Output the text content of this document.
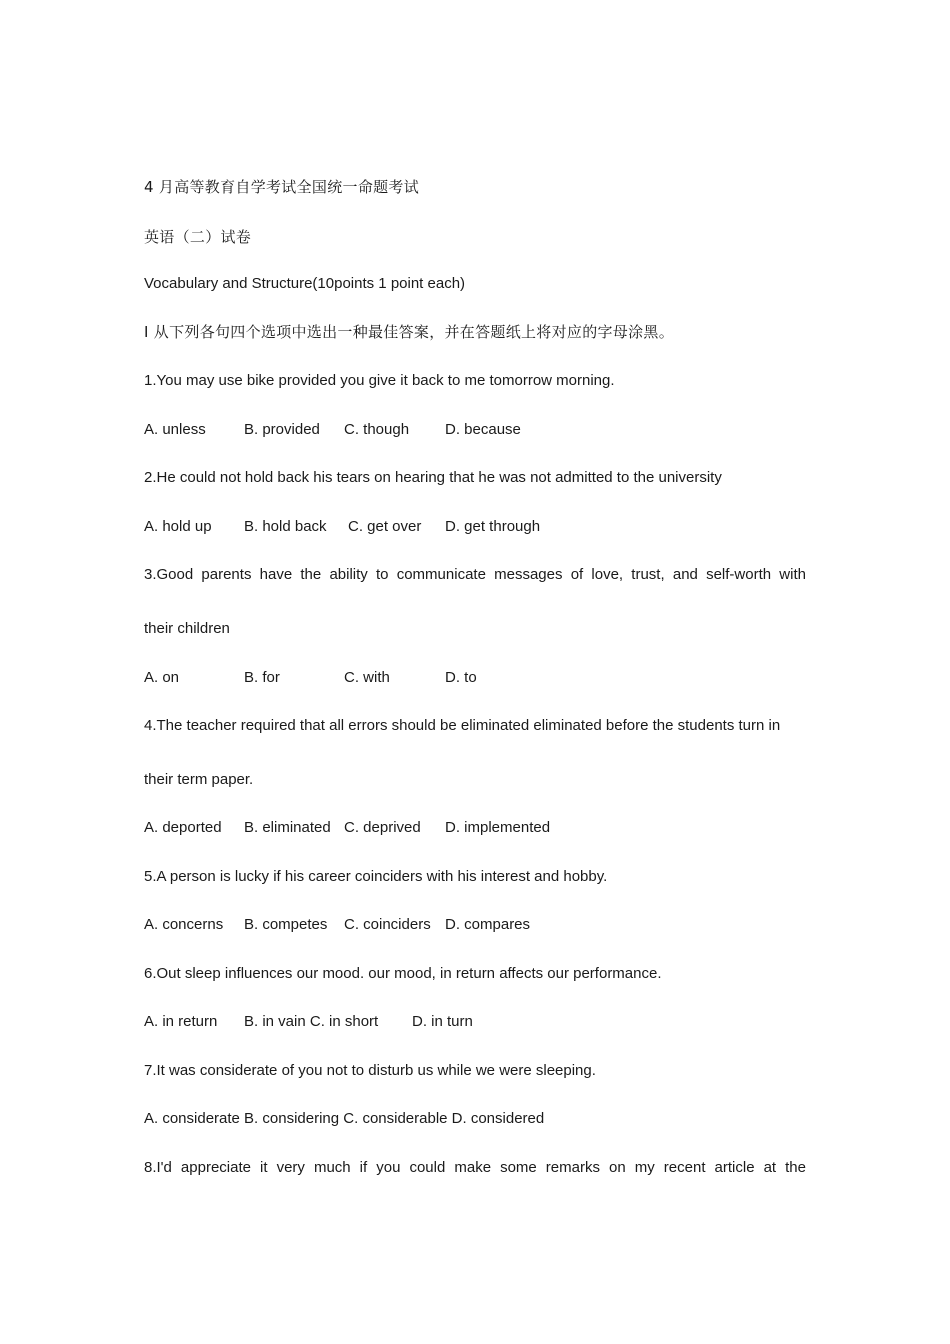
4 月高等教育自学考试全国统一命题考试

英语（二）试卷

Vocabulary and Structure(10points 1 point each)

I 从下列各句四个选项中选出一种最佳答案，并在答题纸上将对应的字母涂黑。

1.You may use bike provided you give it back to me tomorrow morning.

A. unless	B. provided C. though D. because

2.He could not hold back his tears on hearing that he was not admitted to the university

A. hold up B. hold back C. get over D. get through

3.Good parents have the ability to communicate messages of love, trust, and self-worth with

their children

A. on	B. for	C. with	D. to

4.The teacher required that all errors should be eliminated eliminated before the students turn in

their term paper.

A. deported B. eliminated C. deprived D. implemented

5.A person is lucky if his career coinciders with his interest and hobby.

A. concerns B. competes C. coinciders D. compares

6.Out sleep influences our mood. our mood, in return affects our performance.

A. in return B. in vain C. in short D. in turn

7.It was considerate of you not to disturb us while we were sleeping.

A. considerate B. considering C. considerable D. considered

8.I'd appreciate it very much if you could make some remarks on my recent article at the
